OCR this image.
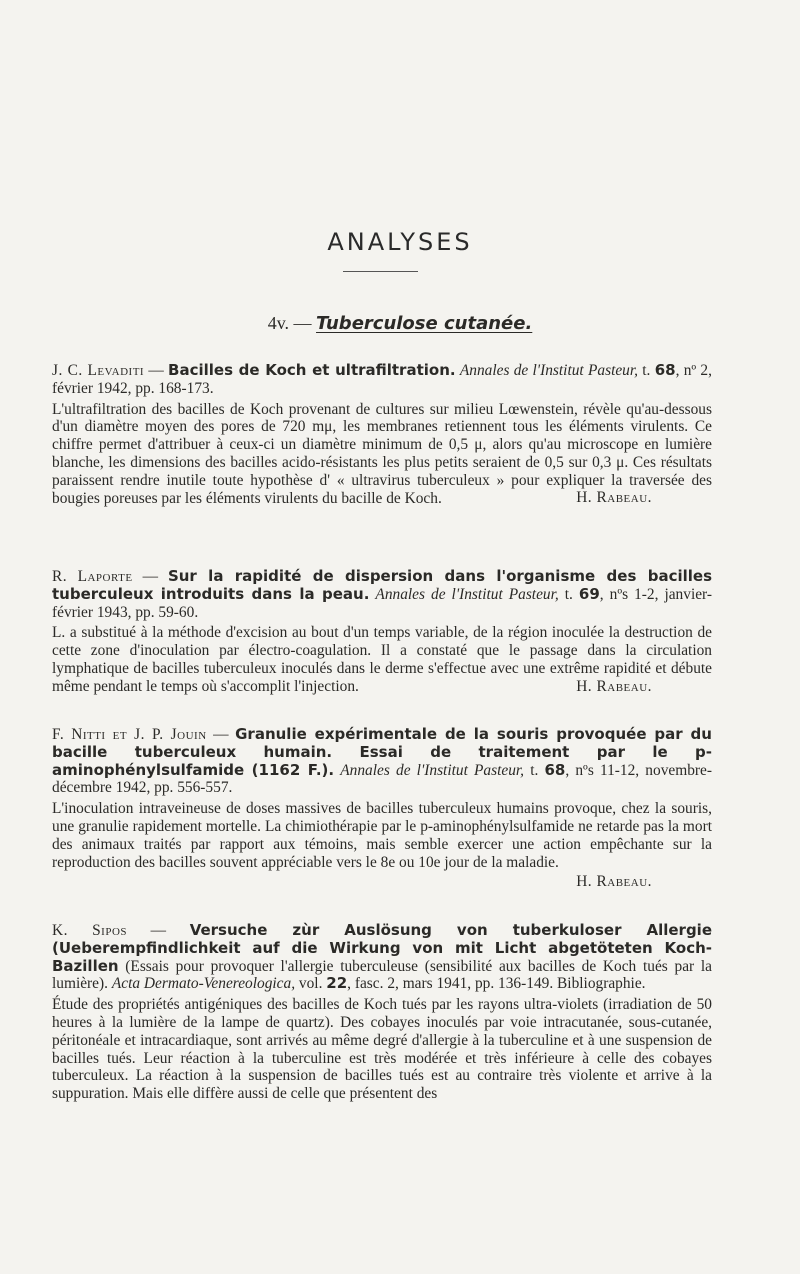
ANALYSES
4v. — Tuberculose cutanée.

J. C. Levaditi — Bacilles de Koch et ultrafiltration. Annales de l'Institut Pasteur, t. 68, nº 2, février 1942, pp. 168-173.

L'ultrafiltration des bacilles de Koch provenant de cultures sur milieu Lœwenstein, révèle qu'au-dessous d'un diamètre moyen des pores de 720 mμ, les membranes retiennent tous les éléments virulents. Ce chiffre permet d'attribuer à ceux-ci un diamètre minimum de 0,5 μ, alors qu'au microscope en lumière blanche, les dimensions des bacilles acido-résistants les plus petits seraient de 0,5 sur 0,3 μ. Ces résultats paraissent rendre inutile toute hypothèse d' « ultravirus tuberculeux » pour expliquer la traversée des bougies poreuses par les éléments virulents du bacille de Koch.	H. Rabeau.

R. Laporte — Sur la rapidité de dispersion dans l'organisme des bacilles tuberculeux introduits dans la peau. Annales de l'Institut Pasteur, t. 69, nºs 1-2, janvier-février 1943, pp. 59-60.

L. a substitué à la méthode d'excision au bout d'un temps variable, de la région inoculée la destruction de cette zone d'inoculation par électro-coagulation. Il a constaté que le passage dans la circulation lymphatique de bacilles tuberculeux inoculés dans le derme s'effectue avec une extrême rapidité et débute même pendant le temps où s'accomplit l'injection.	H. Rabeau.

F. Nitti et J. P. Jouin — Granulie expérimentale de la souris provoquée par du bacille tuberculeux humain. Essai de traitement par le p-aminophénylsulfamide (1162 F.). Annales de l'Institut Pasteur, t. 68, nºs 11-12, novembre-décembre 1942, pp. 556-557.

L'inoculation intraveineuse de doses massives de bacilles tuberculeux humains provoque, chez la souris, une granulie rapidement mortelle. La chimiothérapie par le p-aminophénylsulfamide ne retarde pas la mort des animaux traités par rapport aux témoins, mais semble exercer une action empêchante sur la reproduction des bacilles souvent appréciable vers le 8e ou 10e jour de la maladie.

H. Rabeau.

K. Sipos — Versuche zùr Auslösung von tuberkuloser Allergie (Ueberempfindlichkeit auf die Wirkung von mit Licht abgetöteten Koch-Bazillen (Essais pour provoquer l'allergie tuberculeuse (sensibilité aux bacilles de Koch tués par la lumière). Acta Dermato-Venereologica, vol. 22, fasc. 2, mars 1941, pp. 136-149. Bibliographie.

Étude des propriétés antigéniques des bacilles de Koch tués par les rayons ultra-violets (irradiation de 50 heures à la lumière de la lampe de quartz). Des cobayes inoculés par voie intracutanée, sous-cutanée, péritonéale et intracardiaque, sont arrivés au même degré d'allergie à la tuberculine et à une suspension de bacilles tués. Leur réaction à la tuberculine est très modérée et très inférieure à celle des cobayes tuberculeux. La réaction à la suspension de bacilles tués est au contraire très violente et arrive à la suppuration. Mais elle diffère aussi de celle que présentent des
